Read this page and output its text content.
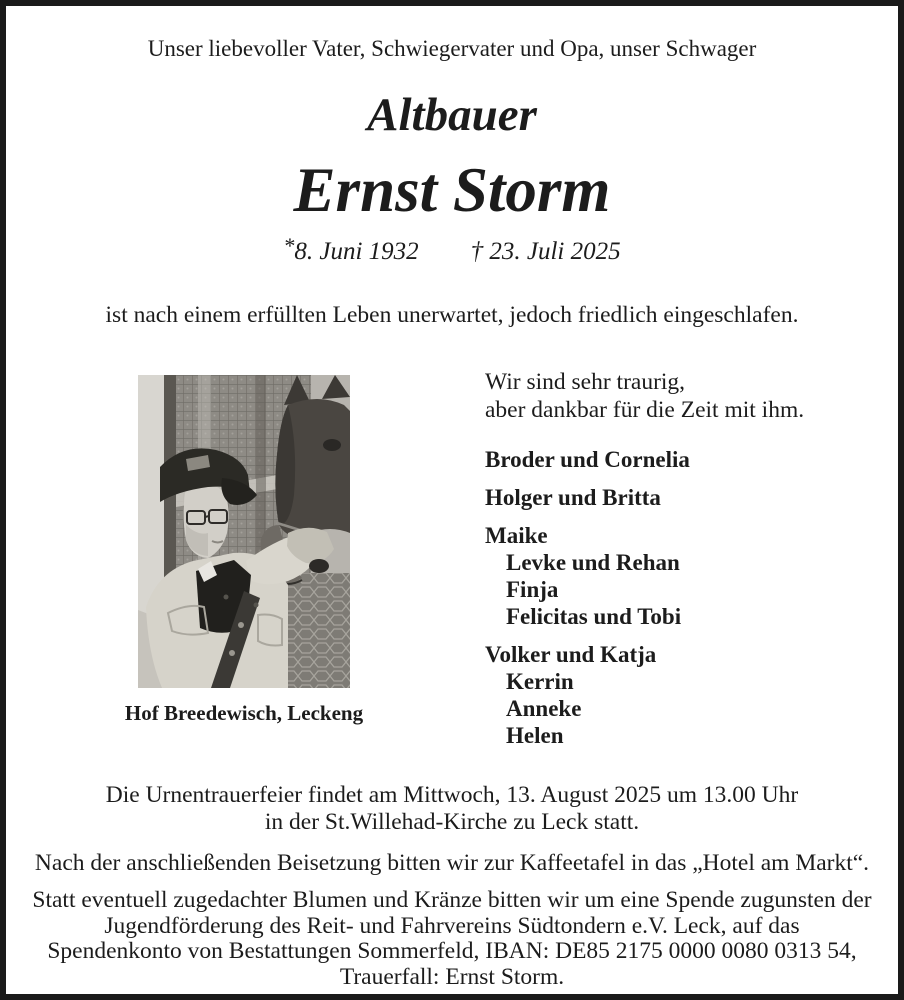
Unser liebevoller Vater, Schwiegervater und Opa, unser Schwager
Altbauer
Ernst Storm
*8. Juni 1932 † 23. Juli 2025
ist nach einem erfüllten Leben unerwartet, jedoch friedlich eingeschlafen.
Hof Breedewisch, Leckeng

Wir sind sehr traurig,
aber dankbar für die Zeit mit ihm.

Broder und Cornelia
Holger und Britta
Maike
Levke und Rehan
Finja
Felicitas und Tobi
Volker und Katja
Kerrin
Anneke
Helen

Die Urnentrauerfeier findet am Mittwoch, 13. August 2025 um 13.00 Uhr
in der St.Willehad-Kirche zu Leck statt.

Nach der anschließenden Beisetzung bitten wir zur Kaffeetafel in das „Hotel am Markt“.

Statt eventuell zugedachter Blumen und Kränze bitten wir um eine Spende zugunsten der
Jugendförderung des Reit- und Fahrvereins Südtondern e.V. Leck, auf das
Spendenkonto von Bestattungen Sommerfeld, IBAN: DE85 2175 0000 0080 0313 54,
Trauerfall: Ernst Storm.
